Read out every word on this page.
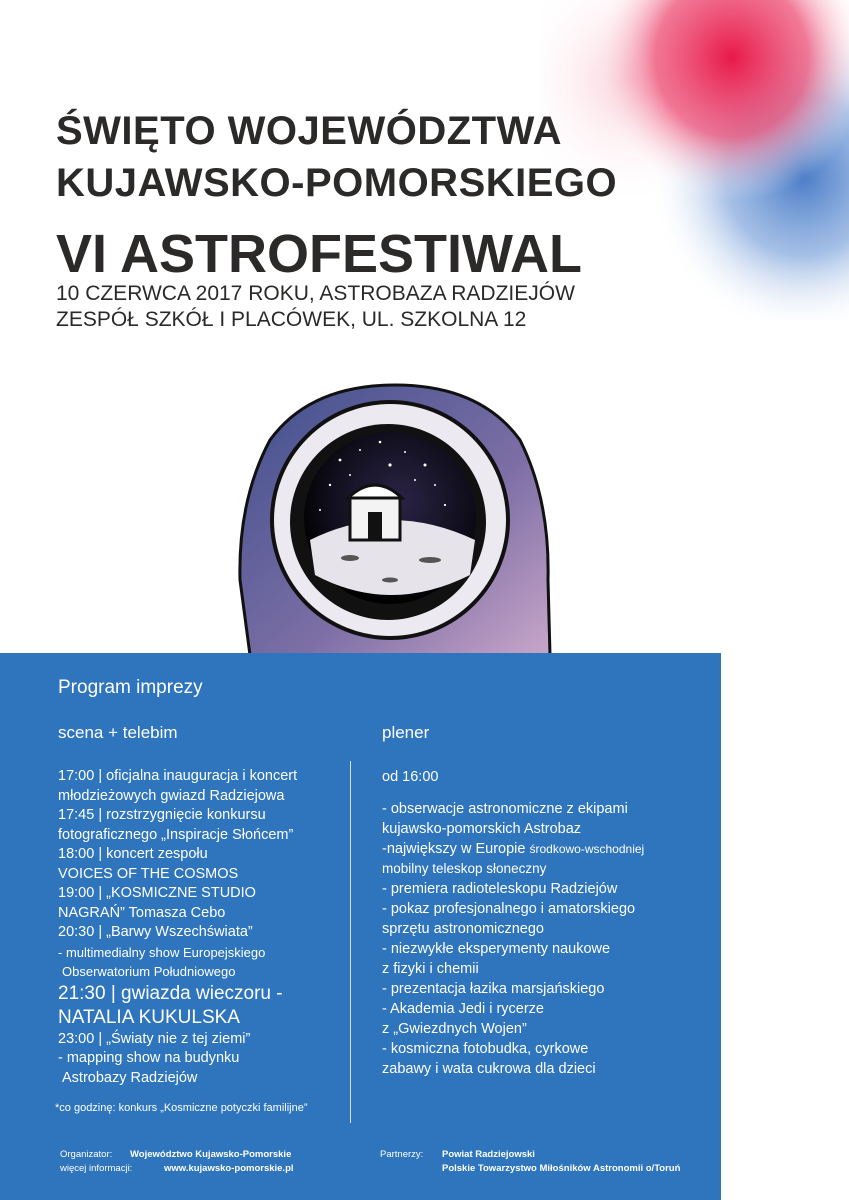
ŚWIĘTO WOJEWÓDZTWA
KUJAWSKO-POMORSKIEGO
VI ASTROFESTIWAL
10 CZERWCA 2017 ROKU, ASTROBAZA RADZIEJÓW
ZESPÓŁ SZKÓŁ I PLACÓWEK, UL. SZKOLNA 12
Program imprezy
scena + telebim	plener
17:00 | oficjalna inauguracja i koncert
młodzieżowych gwiazd Radziejowa
17:45 | rozstrzygnięcie konkursu
fotograficznego „Inspiracje Słońcem”
18:00 | koncert zespołu
VOICES OF THE COSMOS
19:00 | „KOSMICZNE STUDIO
NAGRAŃ” Tomasza Cebo
20:30 | „Barwy Wszechświata”
- multimedialny show Europejskiego
Obserwatorium Południowego
21:30 | gwiazda wieczoru -
NATALIA KUKULSKA
23:00 | „Światy nie z tej ziemi”
- mapping show na budynku
Astrobazy Radziejów
*co godzinę: konkurs „Kosmiczne potyczki familijne”
od 16:00
- obserwacje astronomiczne z ekipami
kujawsko-pomorskich Astrobaz
-największy w Europie środkowo-wschodniej
mobilny teleskop słoneczny
- premiera radioteleskopu Radziejów
- pokaz profesjonalnego i amatorskiego
sprzętu astronomicznego
- niezwykłe eksperymenty naukowe
z fizyki i chemii
- prezentacja łazika marsjańskiego
- Akademia Jedi i rycerze
z „Gwiezdnych Wojen”
- kosmiczna fotobudka, cyrkowe
zabawy i wata cukrowa dla dzieci
Organizator: Województwo Kujawsko-Pomorskie
więcej informacji:	www.kujawsko-pomorskie.pl
Partnerzy: Powiat Radziejowski
Polskie Towarzystwo Miłośników Astronomii o/Toruń
